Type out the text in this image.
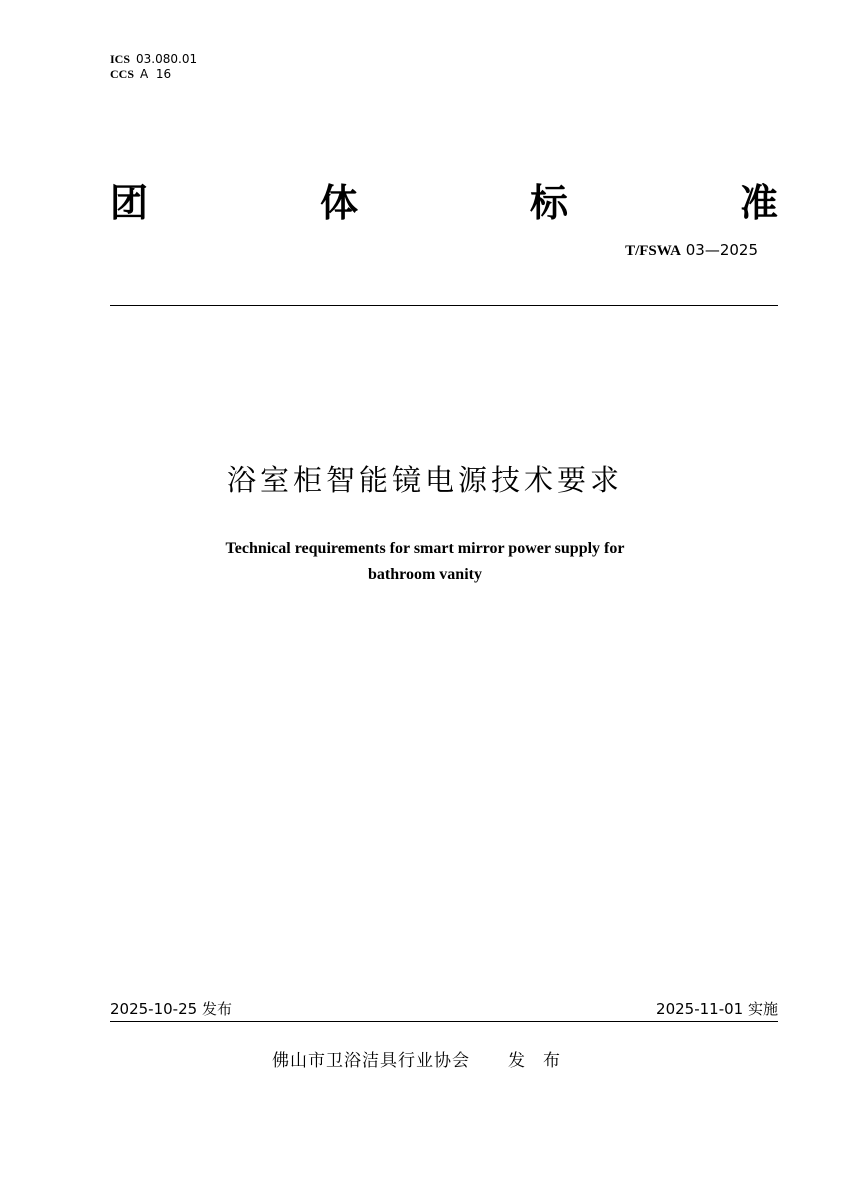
ICS 03.080.01
CCS A  16
团	体	标	准
T/FSWA 03—2025
浴室柜智能镜电源技术要求
Technical requirements for smart mirror power supply for
bathroom vanity
2025-10-25 发布	2025-11-01 实施
佛山市卫浴洁具行业协会 发布
